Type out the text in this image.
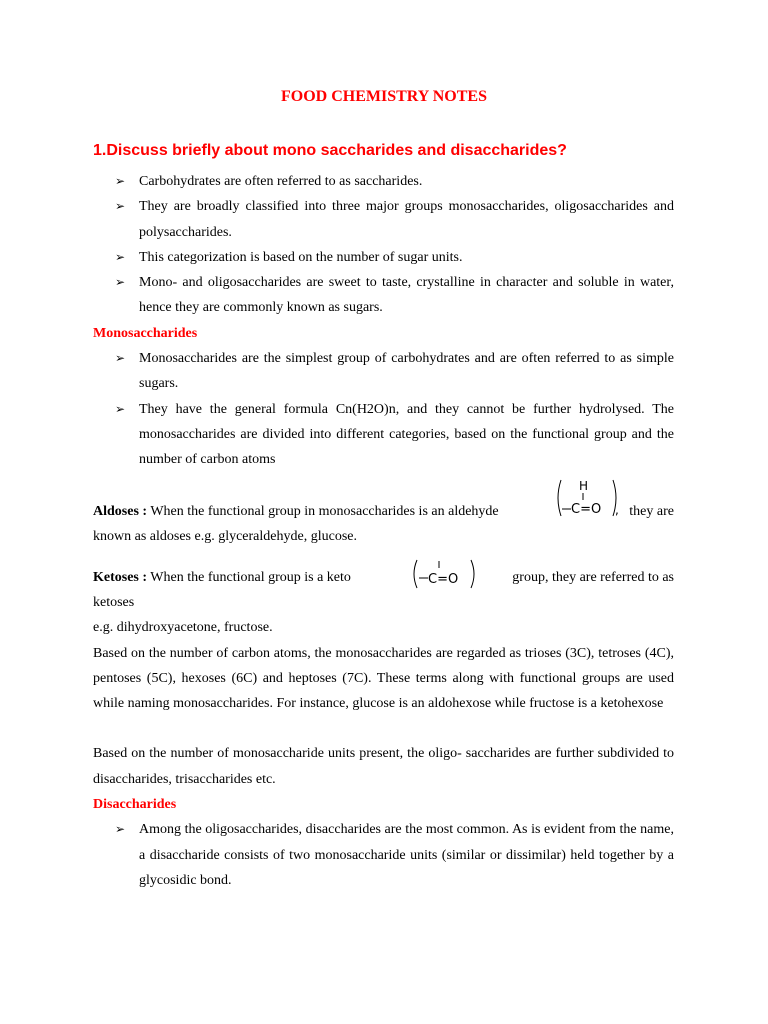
FOOD CHEMISTRY NOTES
1.Discuss briefly about mono saccharides and disaccharides?
➢ Carbohydrates are often referred to as saccharides.
➢ They are broadly classified into three major groups monosaccharides, oligosaccharides and polysaccharides.
➢ This categorization is based on the number of sugar units.
➢ Mono- and oligosaccharides are sweet to taste, crystalline in character and soluble in water, hence they are commonly known as sugars.
Monosaccharides
➢ Monosaccharides are the simplest group of carbohydrates and are often referred to as simple sugars.
➢ They have the general formula Cn(H2O)n, and they cannot be further hydrolysed. The monosaccharides are divided into different categories, based on the functional group and the number of carbon atoms
Aldoses : When the functional group in monosaccharides is an aldehyde
H
C=O , they are
known as aldoses e.g. glyceraldehyde, glucose.
Ketoses : When the functional group is a keto	C=O	group, they are referred to as
ketoses
e.g. dihydroxyacetone, fructose.
Based on the number of carbon atoms, the monosaccharides are regarded as trioses (3C), tetroses (4C), pentoses (5C), hexoses (6C) and heptoses (7C). These terms along with functional groups are used while naming monosaccharides. For instance, glucose is an aldohexose while fructose is a ketohexose
Based on the number of monosaccharide units present, the oligo- saccharides are further subdivided to disaccharides, trisaccharides etc.
Disaccharides
➢ Among the oligosaccharides, disaccharides are the most common. As is evident from the name, a disaccharide consists of two monosaccharide units (similar or dissimilar) held together by a glycosidic bond.
